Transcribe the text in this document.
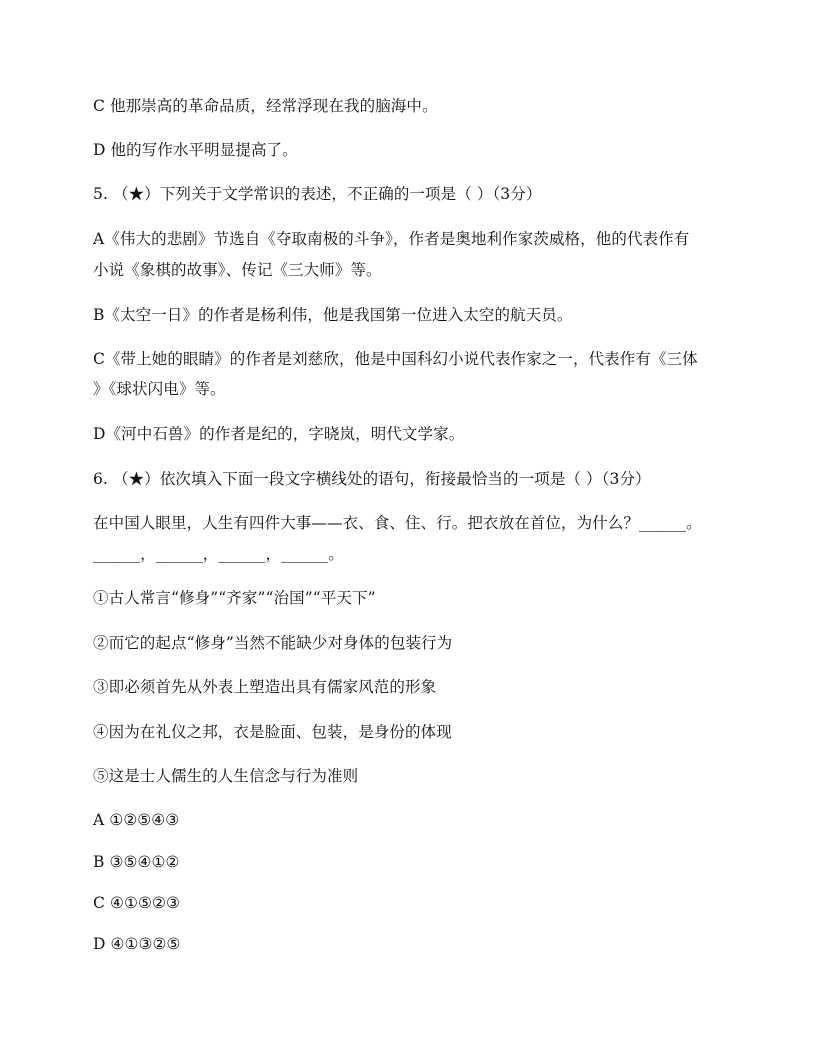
C 他那崇高的革命品质，经常浮现在我的脑海中。
D 他的写作水平明显提高了。
5. （★）下列关于文学常识的表述，不正确的一项是（ ）（3分）
A《伟大的悲剧》节选自《夺取南极的斗争》，作者是奥地利作家茨威格，他的代表作有
小说《象棋的故事》、传记《三大师》等。
B《太空一日》的作者是杨利伟，他是我国第一位进入太空的航天员。
C《带上她的眼睛》的作者是刘慈欣，他是中国科幻小说代表作家之一，代表作有《三体
》《球状闪电》等。
D《河中石兽》的作者是纪的，字晓岚，明代文学家。
6. （★）依次填入下面一段文字横线处的语句，衔接最恰当的一项是（ ）（3分）
在中国人眼里，人生有四件大事——衣、食、住、行。把衣放在首位，为什么？______。
______，______，______，______。
①古人常言“修身”“齐家”“治国”“平天下”
②而它的起点“修身”当然不能缺少对身体的包装行为
③即必须首先从外表上塑造出具有儒家风范的形象
④因为在礼仪之邦，衣是脸面、包装，是身份的体现
⑤这是士人儒生的人生信念与行为准则
A ①②⑤④③
B ③⑤④①②
C ④①⑤②③
D ④①③②⑤
